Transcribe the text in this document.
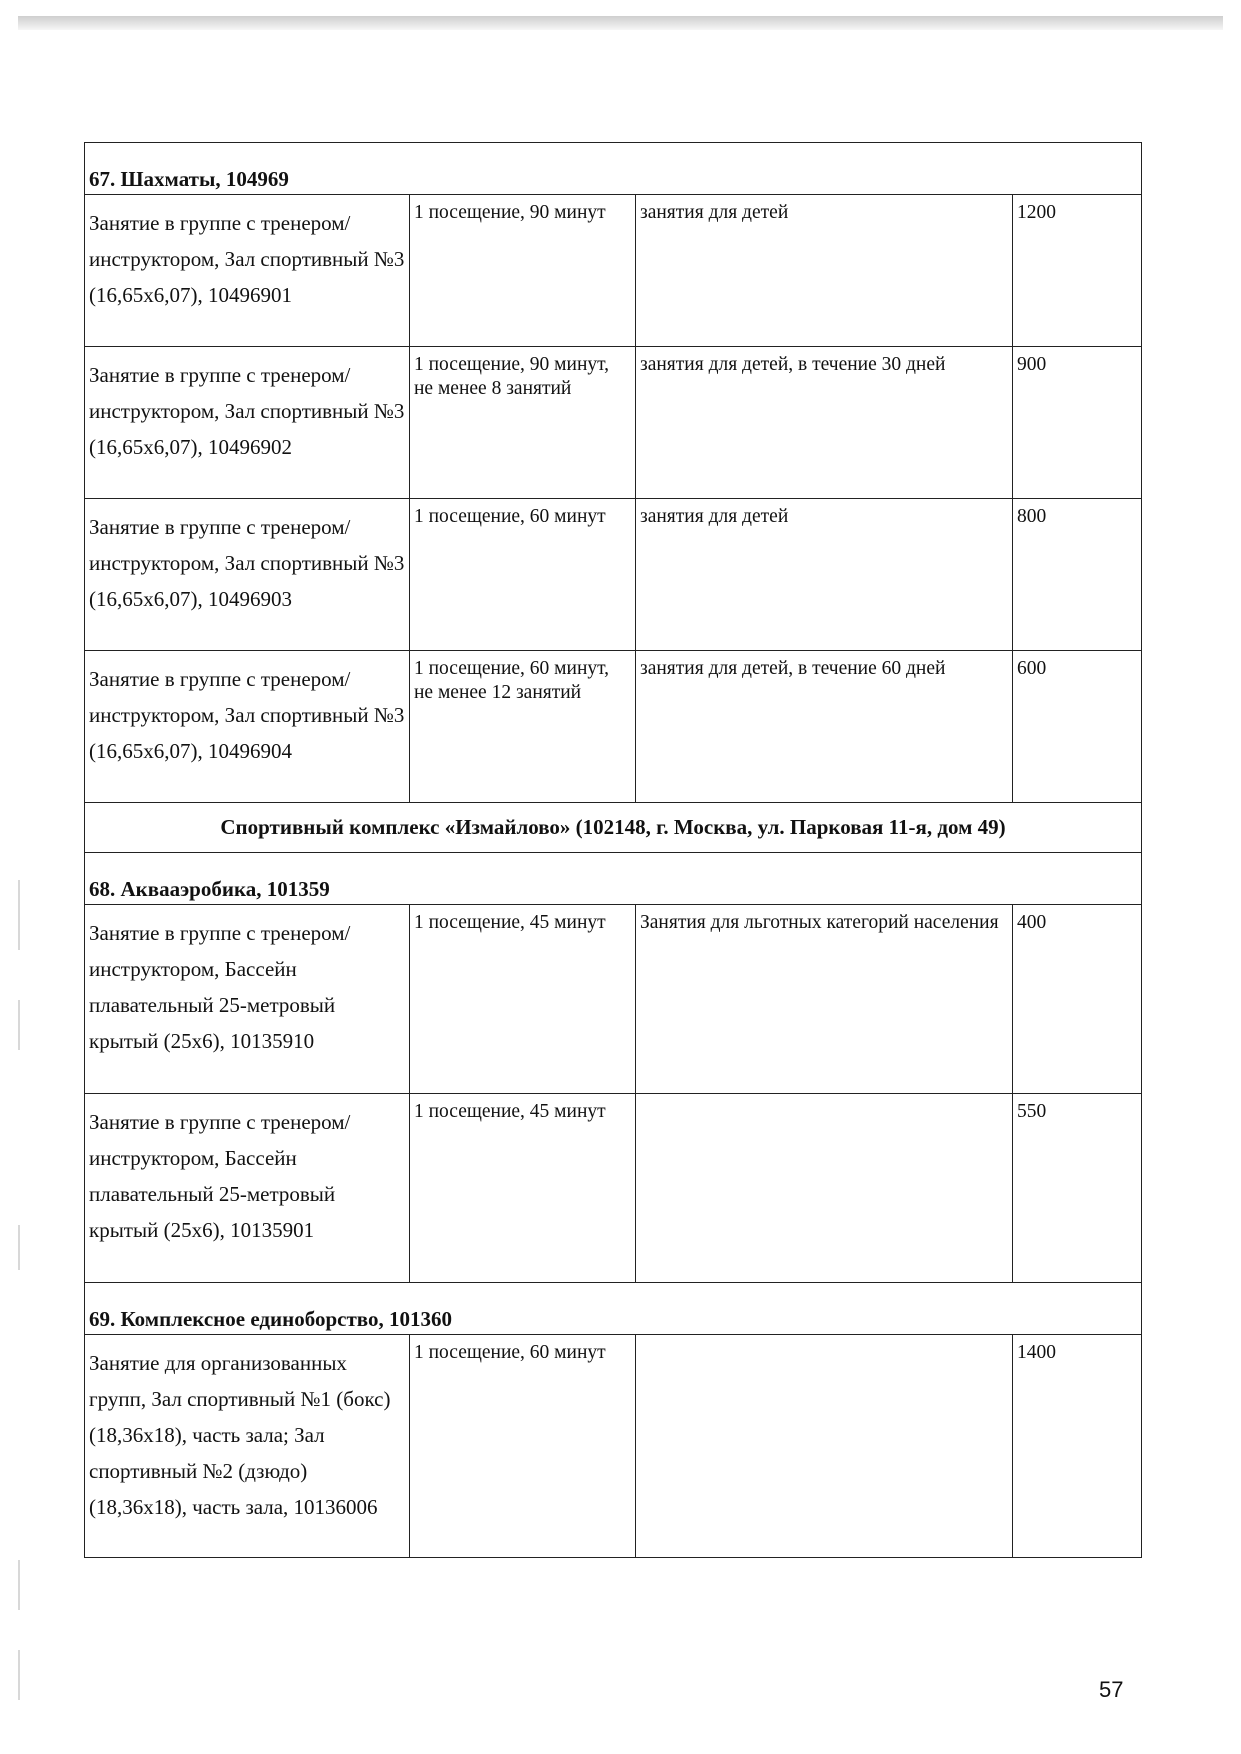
67. Шахматы, 104969			
Занятие в группе с тренером/инструктором, Зал спортивный №3 (16,65х6,07), 10496901	1 посещение, 90 минут	занятия для детей	1200
Занятие в группе с тренером/инструктором, Зал спортивный №3 (16,65х6,07), 10496902	1 посещение, 90 минут, не менее 8 занятий	занятия для детей, в течение 30 дней	900
Занятие в группе с тренером/инструктором, Зал спортивный №3 (16,65х6,07), 10496903	1 посещение, 60 минут	занятия для детей	800
Занятие в группе с тренером/инструктором, Зал спортивный №3 (16,65х6,07), 10496904	1 посещение, 60 минут, не менее 12 занятий	занятия для детей, в течение 60 дней	600
Спортивный комплекс «Измайлово» (102148, г. Москва, ул. Парковая 11-я, дом 49)			
68. Аквааэробика, 101359			
Занятие в группе с тренером/инструктором, Бассейн плавательный 25-метровый крытый (25х6), 10135910	1 посещение, 45 минут	Занятия для льготных категорий населения	400
Занятие в группе с тренером/инструктором, Бассейн плавательный 25-метровый крытый (25х6), 10135901	1 посещение, 45 минут		550
69. Комплексное единоборство, 101360			
Занятие для организованных групп, Зал спортивный №1 (бокс) (18,36х18), часть зала; Зал спортивный №2 (дзюдо) (18,36х18), часть зала, 10136006	1 посещение, 60 минут		1400
57
